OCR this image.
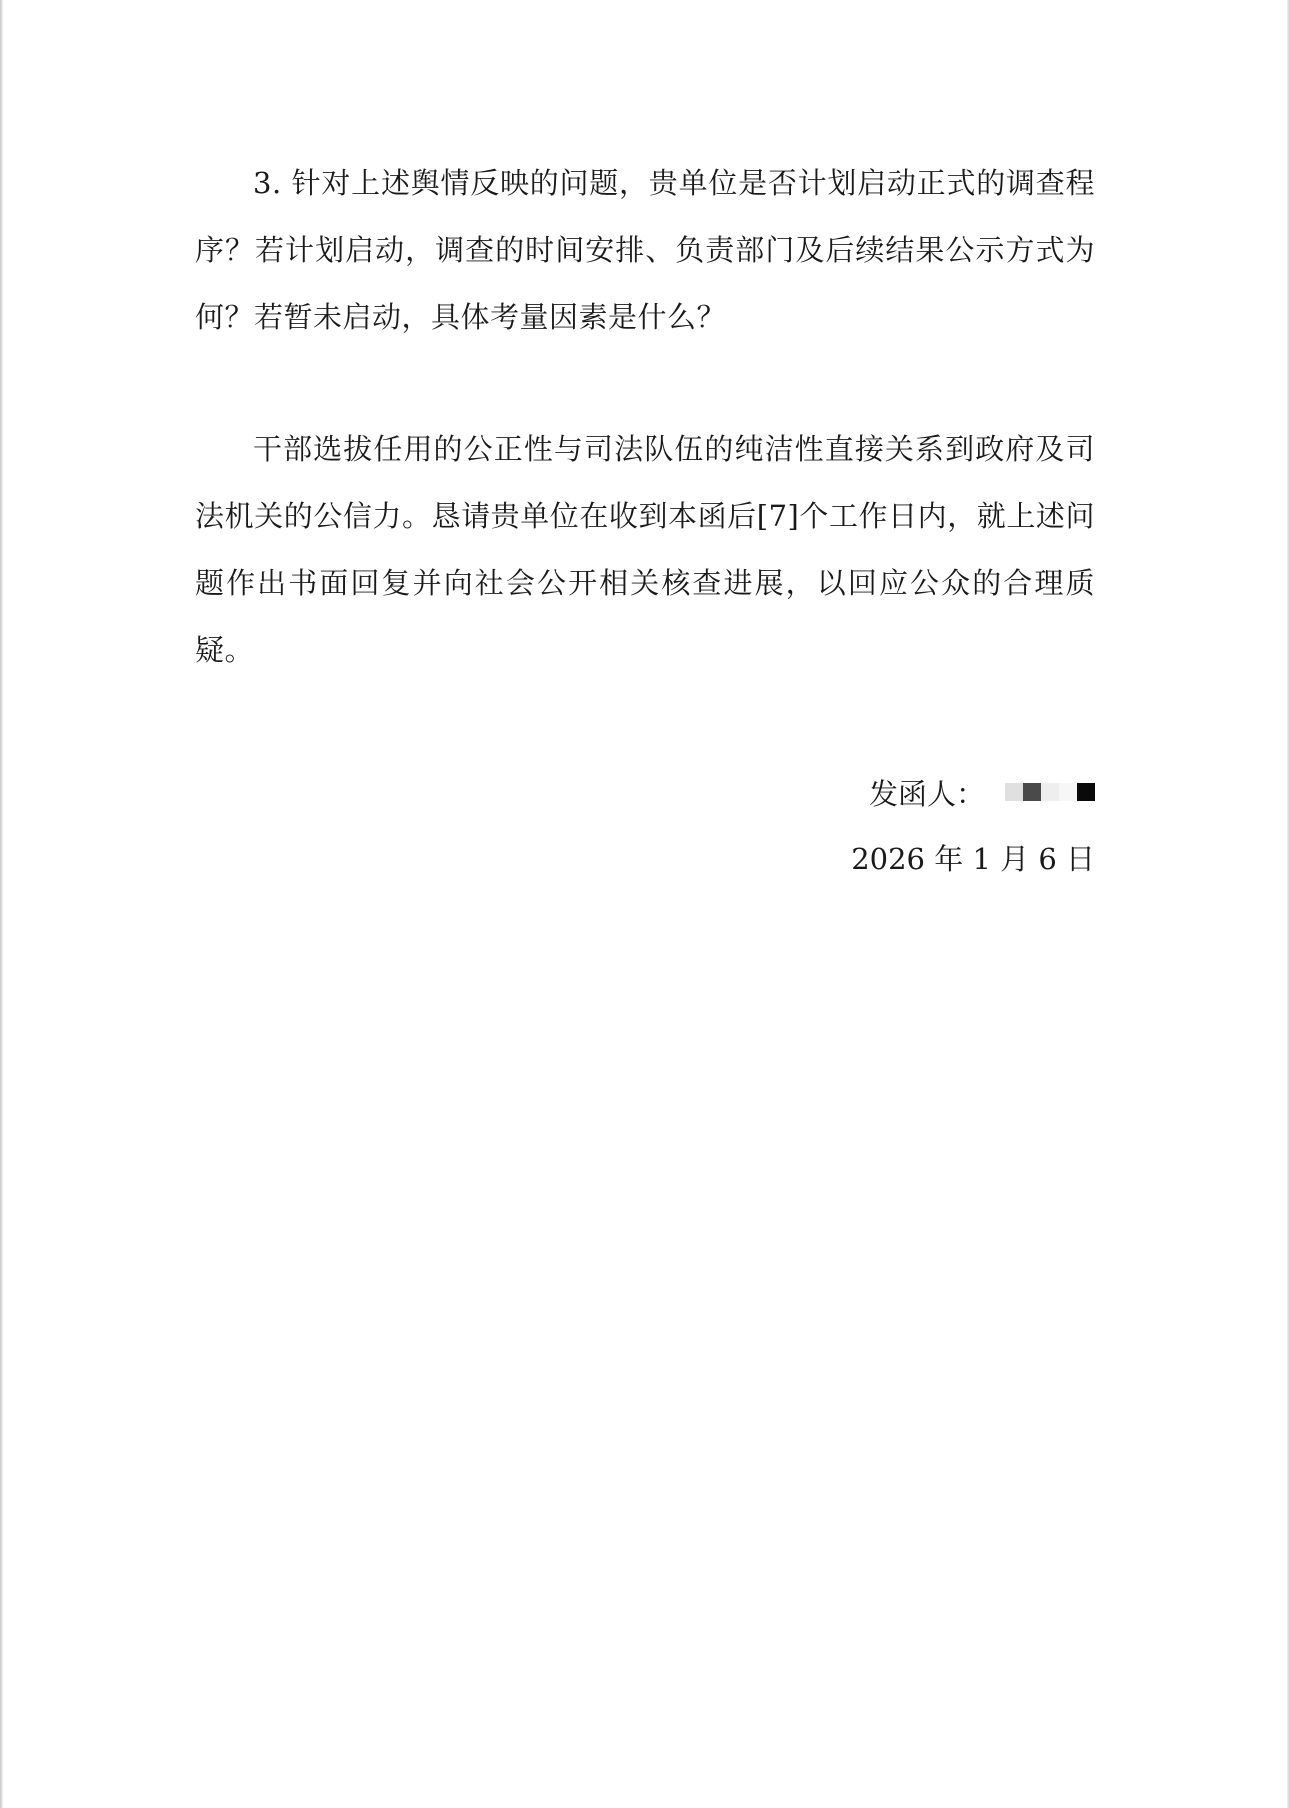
3. 针对上述舆情反映的问题，贵单位是否计划启动正式的调查程序？若计划启动，调查的时间安排、负责部门及后续结果公示方式为何？若暂未启动，具体考量因素是什么？

干部选拔任用的公正性与司法队伍的纯洁性直接关系到政府及司法机关的公信力。恳请贵单位在收到本函后[7]个工作日内，就上述问题作出书面回复并向社会公开相关核查进展，以回应公众的合理质疑。

发函人：
2026 年 1 月 6 日
